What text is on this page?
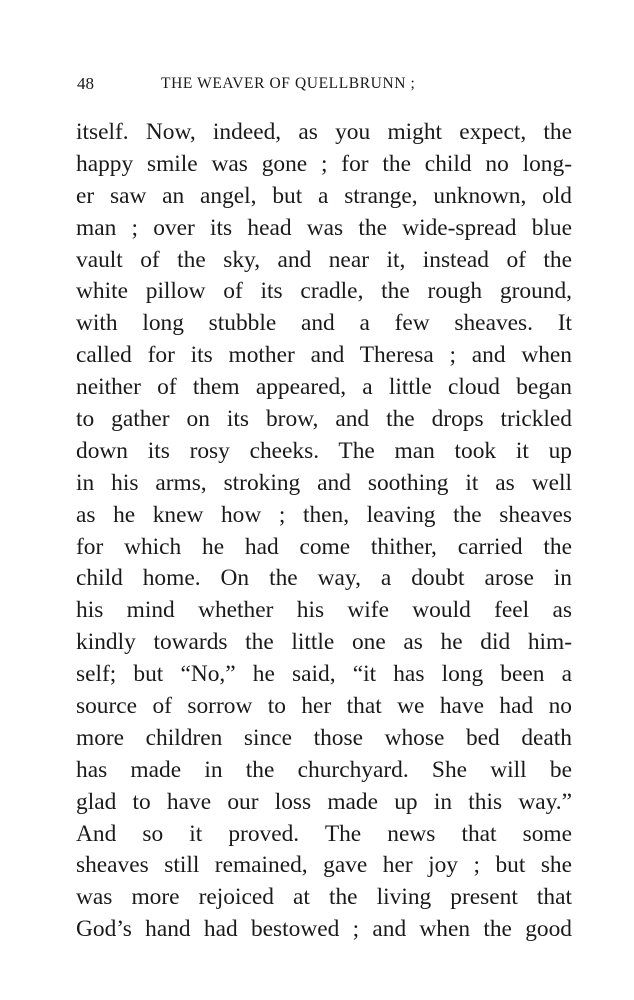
48	THE WEAVER OF QUELLBRUNN ;
itself. Now, indeed, as you might expect, the
happy smile was gone ; for the child no long-
er saw an angel, but a strange, unknown, old
man ; over its head was the wide-spread blue
vault of the sky, and near it, instead of the
white pillow of its cradle, the rough ground,
with long stubble and a few sheaves. It
called for its mother and Theresa ; and when
neither of them appeared, a little cloud began
to gather on its brow, and the drops trickled
down its rosy cheeks. The man took it up
in his arms, stroking and soothing it as well
as he knew how ; then, leaving the sheaves
for which he had come thither, carried the
child home. On the way, a doubt arose in
his mind whether his wife would feel as
kindly towards the little one as he did him-
self; but “No,” he said, “it has long been a
source of sorrow to her that we have had no
more children since those whose bed death
has made in the churchyard. She will be
glad to have our loss made up in this way.”
And so it proved. The news that some
sheaves still remained, gave her joy ; but she
was more rejoiced at the living present that
God’s hand had bestowed ; and when the good
